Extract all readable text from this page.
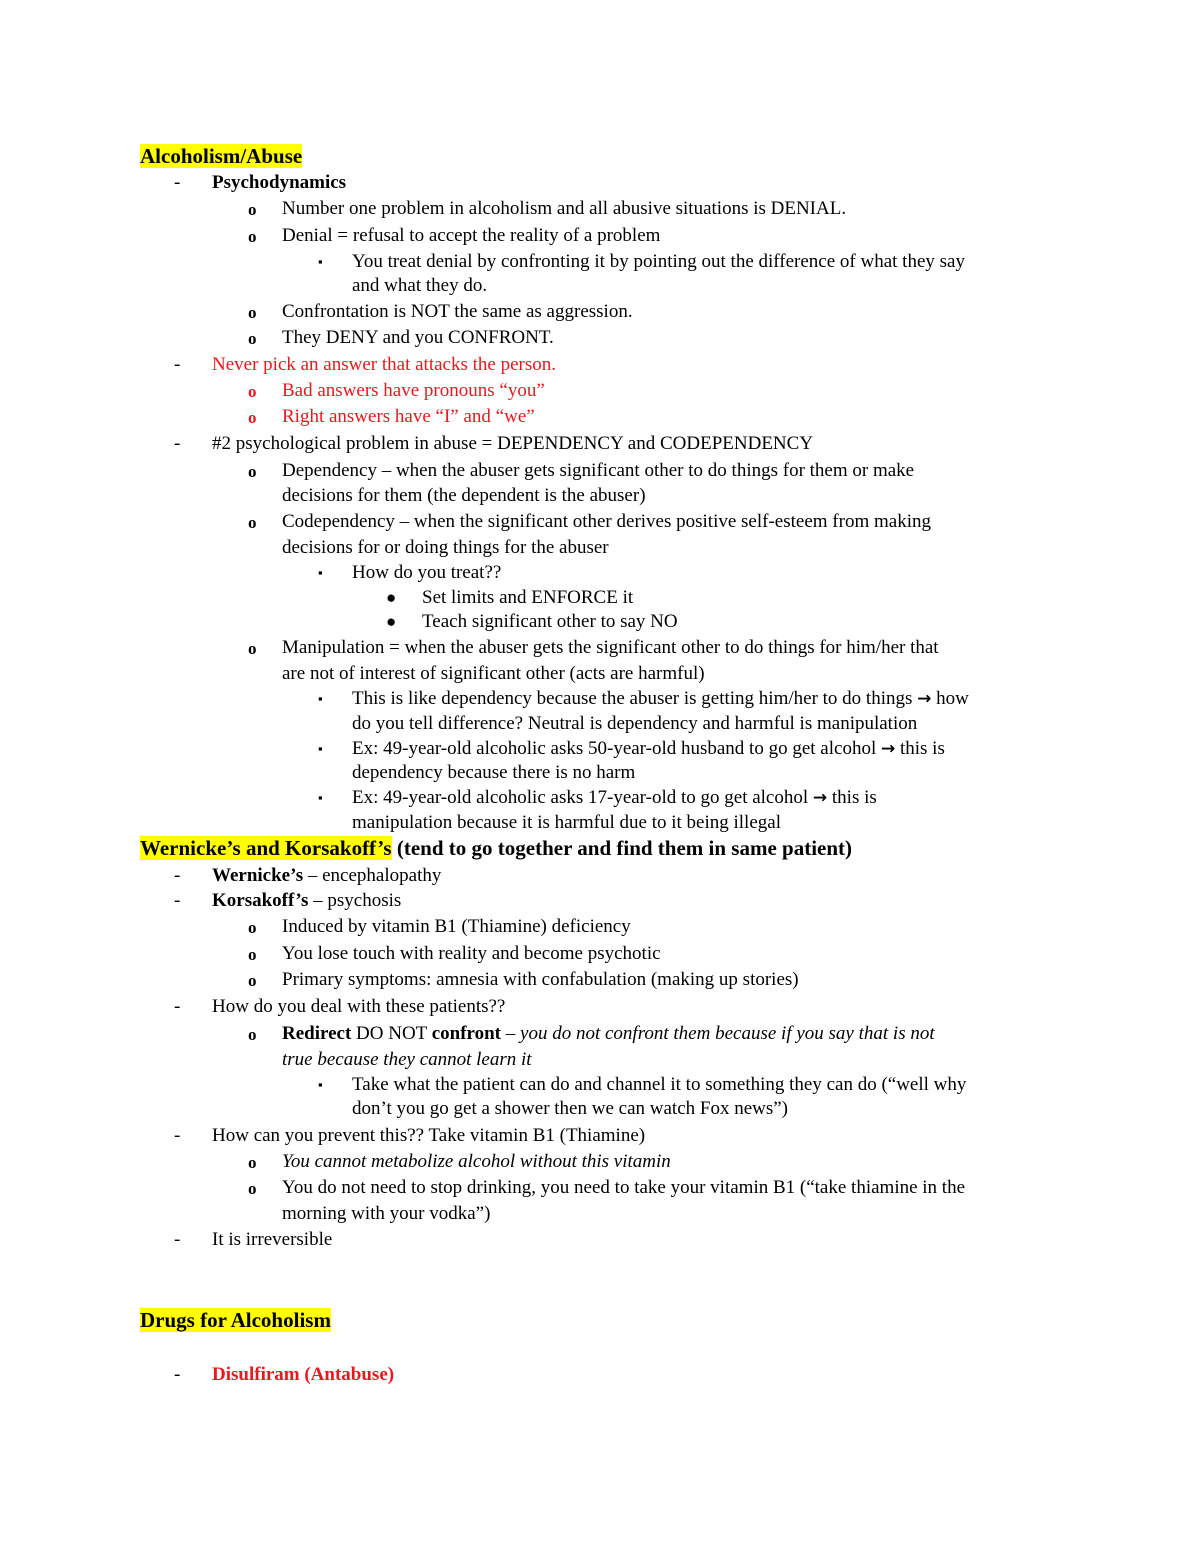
Alcoholism/Abuse
- Psychodynamics
o Number one problem in alcoholism and all abusive situations is DENIAL.
o Denial = refusal to accept the reality of a problem
▪ You treat denial by confronting it by pointing out the difference of what they say
and what they do.
o Confrontation is NOT the same as aggression.
o They DENY and you CONFRONT.
- Never pick an answer that attacks the person.
o Bad answers have pronouns “you”
o Right answers have “I” and “we”
- #2 psychological problem in abuse = DEPENDENCY and CODEPENDENCY
o Dependency – when the abuser gets significant other to do things for them or make
decisions for them (the dependent is the abuser)
o Codependency – when the significant other derives positive self-esteem from making
decisions for or doing things for the abuser
▪ How do you treat??
● Set limits and ENFORCE it
● Teach significant other to say NO
o Manipulation = when the abuser gets the significant other to do things for him/her that
are not of interest of significant other (acts are harmful)
▪ This is like dependency because the abuser is getting him/her to do things → how
do you tell difference? Neutral is dependency and harmful is manipulation
▪ Ex: 49-year-old alcoholic asks 50-year-old husband to go get alcohol → this is
dependency because there is no harm
▪ Ex: 49-year-old alcoholic asks 17-year-old to go get alcohol → this is
manipulation because it is harmful due to it being illegal
Wernicke’s and Korsakoff’s (tend to go together and find them in same patient)
- Wernicke’s – encephalopathy
- Korsakoff’s – psychosis
o Induced by vitamin B1 (Thiamine) deficiency
o You lose touch with reality and become psychotic
o Primary symptoms: amnesia with confabulation (making up stories)
- How do you deal with these patients??
o Redirect DO NOT confront – you do not confront them because if you say that is not
true because they cannot learn it
▪ Take what the patient can do and channel it to something they can do (“well why
don’t you go get a shower then we can watch Fox news”)
- How can you prevent this?? Take vitamin B1 (Thiamine)
o You cannot metabolize alcohol without this vitamin
o You do not need to stop drinking, you need to take your vitamin B1 (“take thiamine in the
morning with your vodka”)
- It is irreversible
Drugs for Alcoholism
- Disulfiram (Antabuse)
